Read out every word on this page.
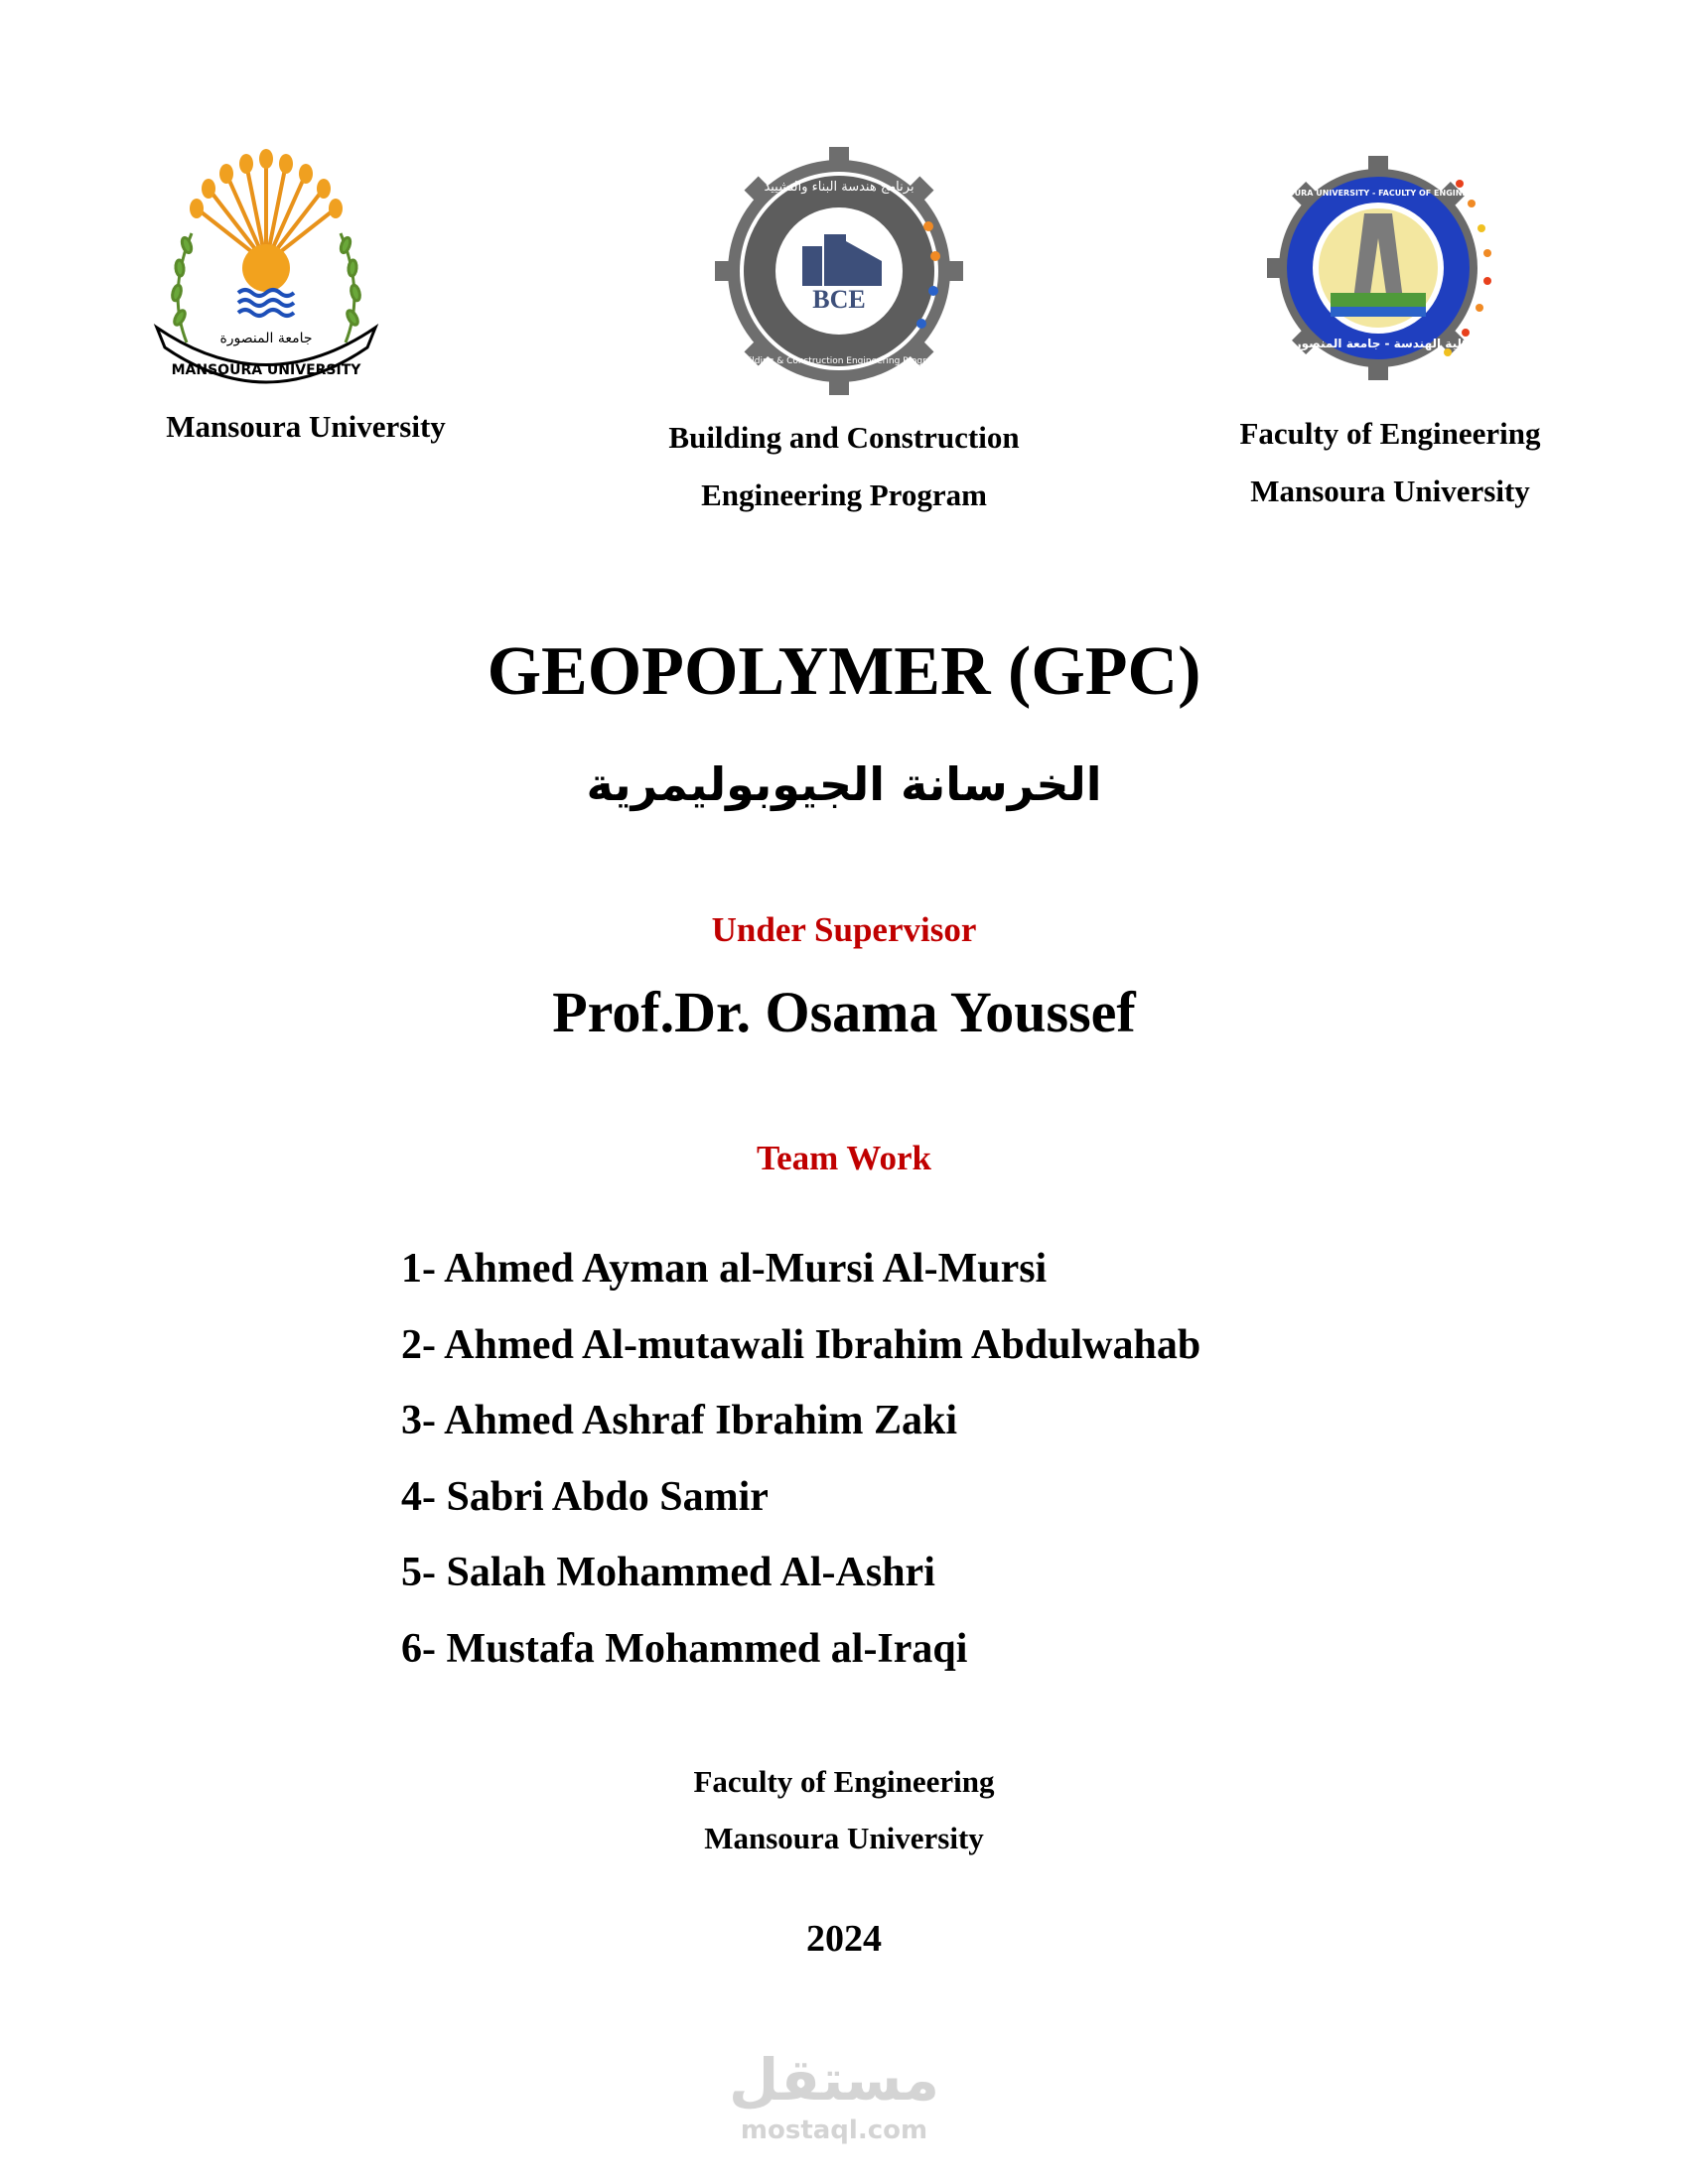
MANSOURA UNIVERSITY
جامعة المنصورة
BCE
برنامج هندسة البناء والتشييد
Building & Construction Engineering Program
MANSOURA UNIVERSITY - FACULTY OF ENGINEERING
كلية الهندسة - جامعة المنصورة
Mansoura University	Building and Construction
Engineering Program
Faculty of Engineering
Mansoura University
GEOPOLYMER (GPC)
الخرسانة الجيوبوليمرية
Under Supervisor
Prof.Dr. Osama Youssef
Team Work
1- Ahmed Ayman al-Mursi Al-Mursi
2- Ahmed Al-mutawali Ibrahim Abdulwahab
3- Ahmed Ashraf Ibrahim Zaki
4- Sabri Abdo Samir
5- Salah Mohammed Al-Ashri
6- Mustafa Mohammed al-Iraqi
Faculty of Engineering
Mansoura University
2024
مستقل
mostaql.com
